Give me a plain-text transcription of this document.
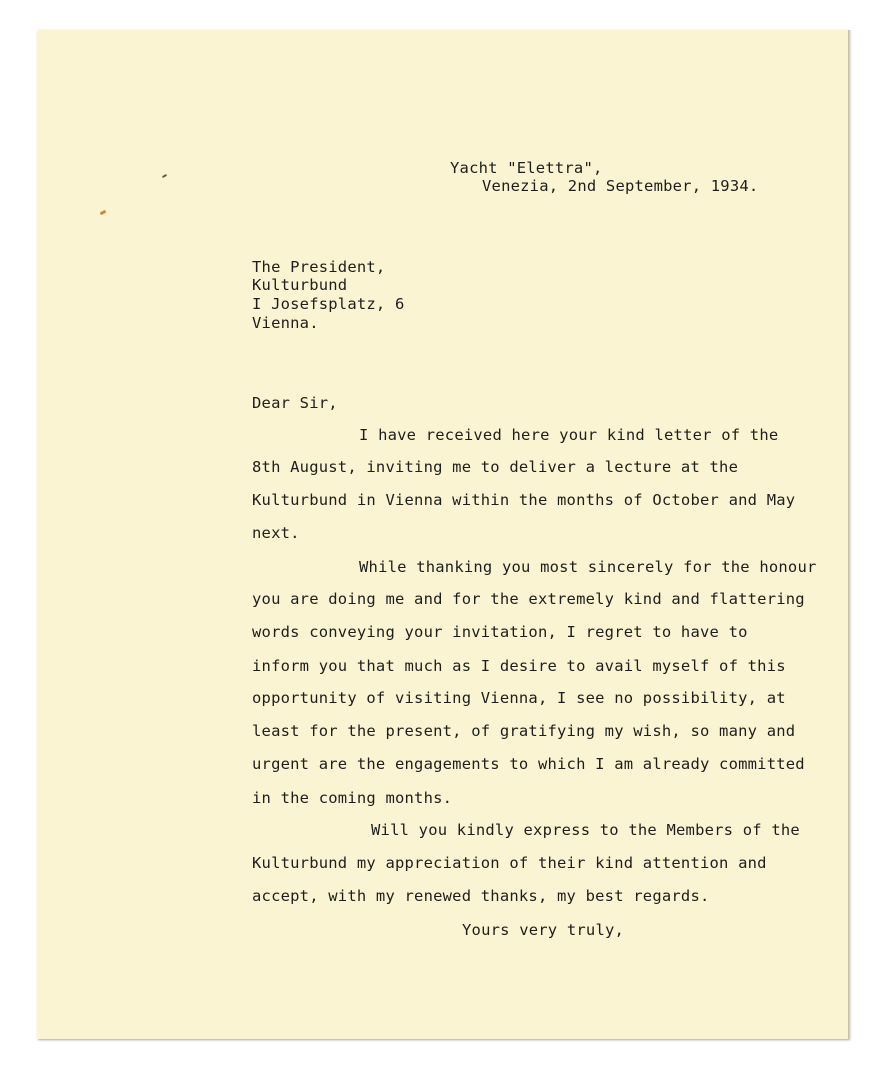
Yacht "Elettra",
Venezia, 2nd September, 1934.
The President,
Kulturbund
I Josefsplatz, 6
Vienna.
Dear Sir,
I have received here your kind letter of the
8th August, inviting me to deliver a lecture at the
Kulturbund in Vienna within the months of October and May
next.
While thanking you most sincerely for the honour
you are doing me and for the extremely kind and flattering
words conveying your invitation, I regret to have to
inform you that much as I desire to avail myself of this
opportunity of visiting Vienna, I see no possibility, at
least for the present, of gratifying my wish, so many and
urgent are the engagements to which I am already committed
in the coming months.
Will you kindly express to the Members of the
Kulturbund my appreciation of their kind attention and
accept, with my renewed thanks, my best regards.
Yours very truly,
